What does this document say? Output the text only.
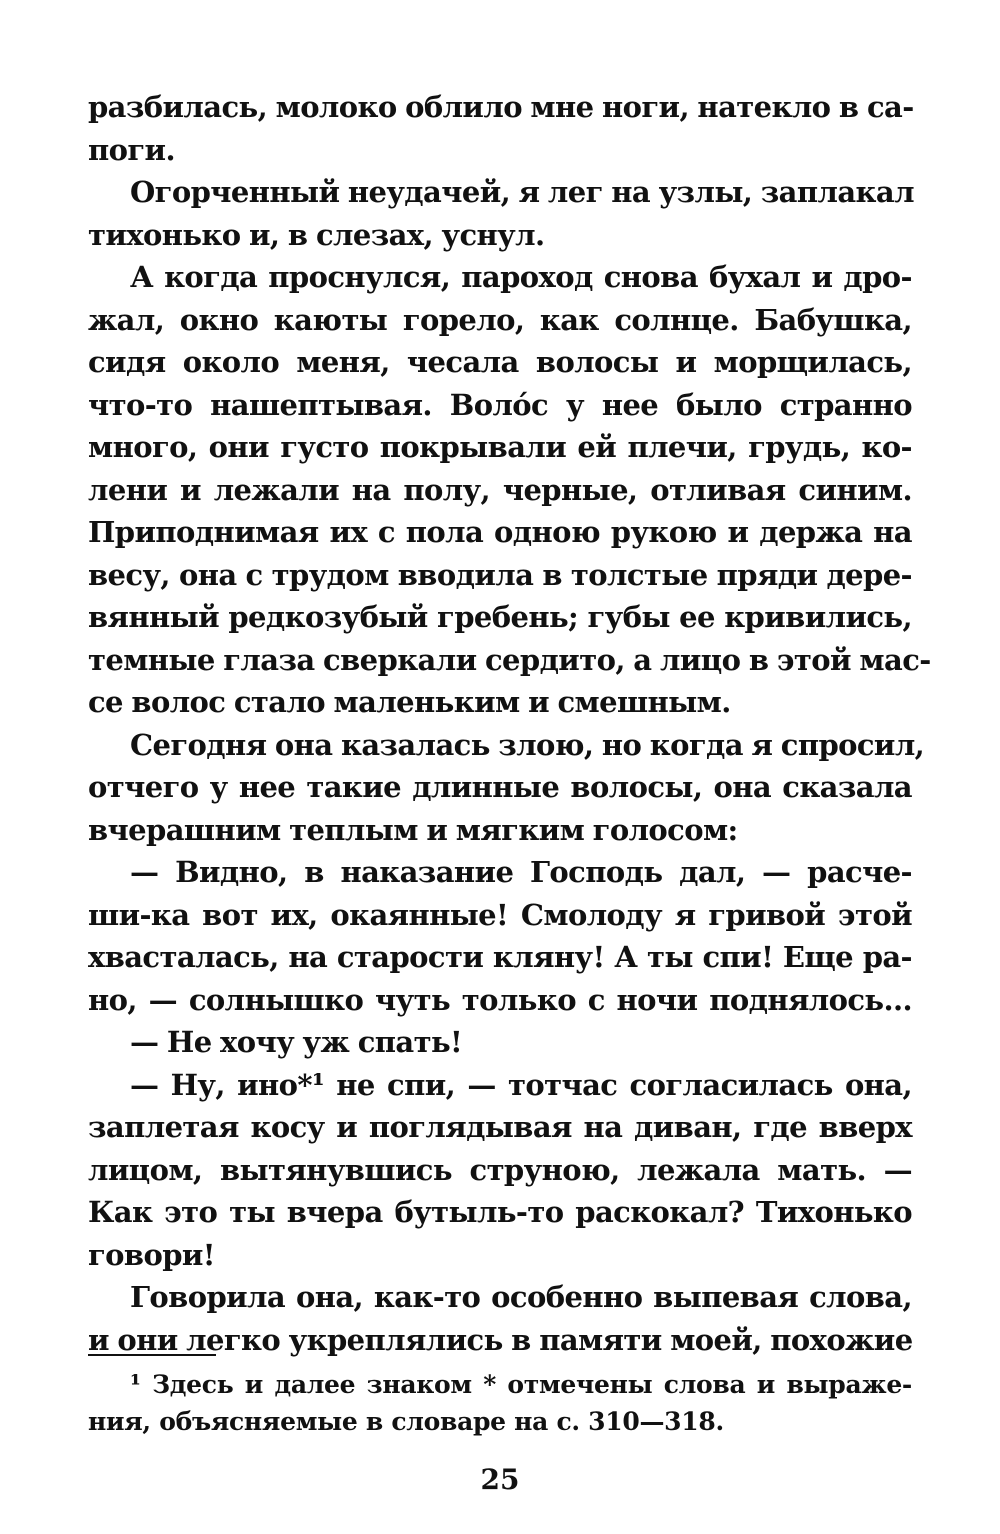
разбилась, молоко облило мне ноги, натекло в са-
поги.
Огорченный неудачей, я лег на узлы, заплакал
тихонько и, в слезах, уснул.
А когда проснулся, пароход снова бухал и дро-
жал, окно каюты горело, как солнце. Бабушка,
сидя около меня, чесала волосы и морщилась,
что-то нашептывая. Воло́с у нее было странно
много, они густо покрывали ей плечи, грудь, ко-
лени и лежали на полу, черные, отливая синим.
Приподнимая их с пола одною рукою и держа на
весу, она с трудом вводила в толстые пряди дере-
вянный редкозубый гребень; губы ее кривились,
темные глаза сверкали сердито, а лицо в этой мас-
се волос стало маленьким и смешным.
Сегодня она казалась злою, но когда я спросил,
отчего у нее такие длинные волосы, она сказала
вчерашним теплым и мягким голосом:
— Видно, в наказание Господь дал, — расче-
ши-ка вот их, окаянные! Смолоду я гривой этой
хвасталась, на старости кляну! А ты спи! Еще ра-
но, — солнышко чуть только с ночи поднялось...
— Не хочу уж спать!
— Ну, ино*¹ не спи, — тотчас согласилась она,
заплетая косу и поглядывая на диван, где вверх
лицом, вытянувшись струною, лежала мать. —
Как это ты вчера бутыль-то раскокал? Тихонько
говори!
Говорила она, как-то особенно выпевая слова,
и они легко укреплялись в памяти моей, похожие
¹ Здесь и далее знаком * отмечены слова и выраже-
ния, объясняемые в словаре на с. 310—318.
25
